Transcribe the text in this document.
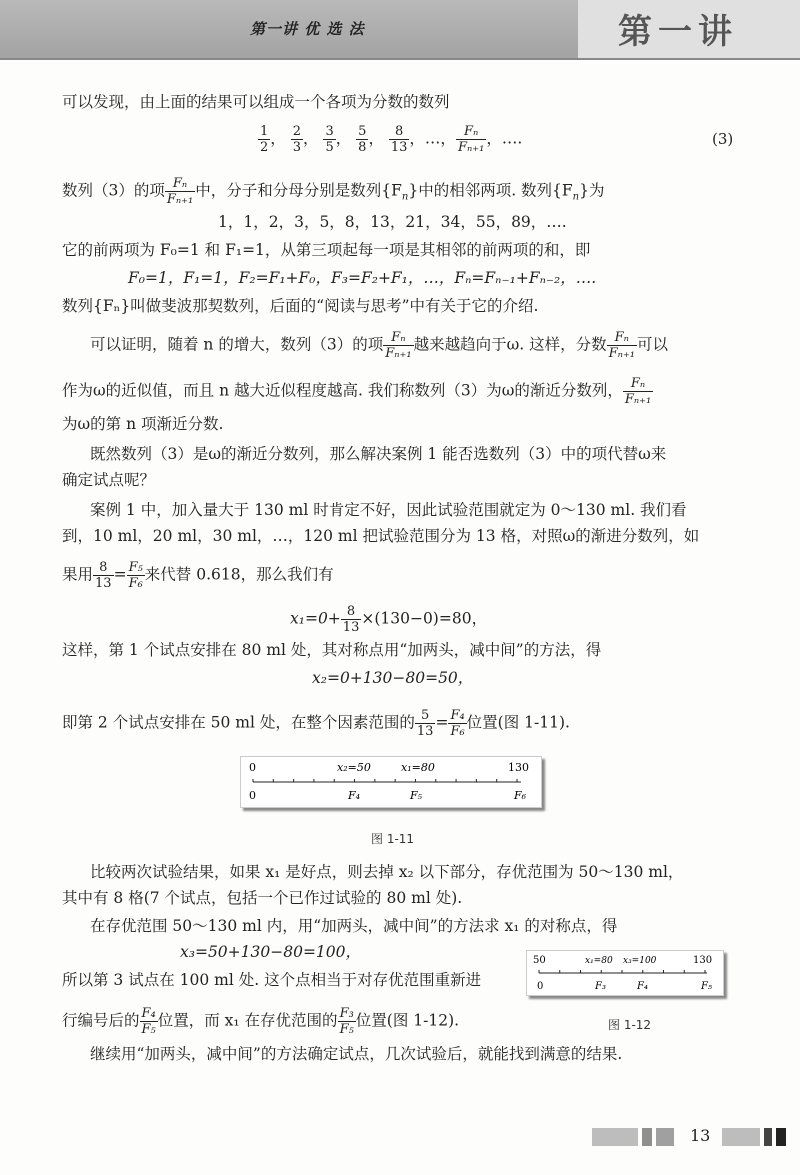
第一讲 优 选 法	第一讲
可以发现，由上面的结果可以组成一个各项为分数的数列
$\frac{1}{2}$ ， $\frac{2}{3}$ ， $\frac{3}{5}$ ， $\frac{5}{8}$ ， $\frac{8}{13}$ ，…， $\frac{\text{Fₙ}}{\text{Fₙ₊₁}}$ ，….	(3)
数列（3）的项 $\frac{\text{Fₙ}}{\text{Fₙ₊₁}}$ 中，分子和分母分别是数列$\{F_n\}$中的相邻两项. 数列$\{F_n\}$为
1，1，2，3，5，8，13，21，34，55，89，….
它的前两项为 F₀=1 和 F₁=1，从第三项起每一项是其相邻的前两项的和，即
F₀=1，F₁=1，F₂=F₁+F₀，F₃=F₂+F₁，…，Fₙ=Fₙ₋₁+Fₙ₋₂，….
数列{Fₙ}叫做斐波那契数列，后面的“阅读与思考”中有关于它的介绍.
可以证明，随着 n 的增大，数列（3）的项 $\frac{\text{Fₙ}}{\text{Fₙ₊₁}}$ 越来越趋向于ω. 这样，分数 $\frac{\text{Fₙ}}{\text{Fₙ₊₁}}$ 可以
作为ω的近似值，而且 n 越大近似程度越高. 我们称数列（3）为ω的渐近分数列， $\frac{\text{Fₙ}}{\text{Fₙ₊₁}}$
为ω的第 n 项渐近分数.
既然数列（3）是ω的渐近分数列，那么解决案例 1 能否选数列（3）中的项代替ω来
确定试点呢？
案例 1 中，加入量大于 130 ml 时肯定不好，因此试验范围就定为 0～130 ml. 我们看
到，10 ml，20 ml，30 ml，…，120 ml 把试验范围分为 13 格，对照ω的渐进分数列，如
果用 $\frac{8}{13} = \frac{\text{F₅}}{\text{F₆}}$ 来代替 0.618，那么我们有
$x_1=0+ \frac{8}{13} \times(130-0)=80$，
这样，第 1 个试点安排在 80 ml 处，其对称点用“加两头，减中间”的方法，得
x₂=0+130−80=50，
即第 2 个试点安排在 50 ml 处，在整个因素范围的 $\frac{5}{13} = \frac{\text{F₄}}{\text{F₆}}$ 位置(图 1-11).
0	x₂=50	x₁=80	130
0	F₄	F₅	F₆
图 1-11
比较两次试验结果，如果 x₁ 是好点，则去掉 x₂ 以下部分，存优范围为 50～130 ml，
其中有 8 格(7 个试点，包括一个已作过试验的 80 ml 处).
在存优范围 50～130 ml 内，用“加两头，减中间”的方法求 x₁ 的对称点，得
x₃=50+130−80=100，
所以第 3 试点在 100 ml 处. 这个点相当于对存优范围重新进
行编号后的 $\frac{\text{F₄}}{\text{F₅}}$ 位置，而 x₁ 在存优范围的 $\frac{\text{F₃}}{\text{F₅}}$ 位置(图 1-12).
50	x₁=80 x₃=100	130
0	F₃	F₄	F₅
图 1-12
继续用“加两头，减中间”的方法确定试点，几次试验后，就能找到满意的结果.
13
